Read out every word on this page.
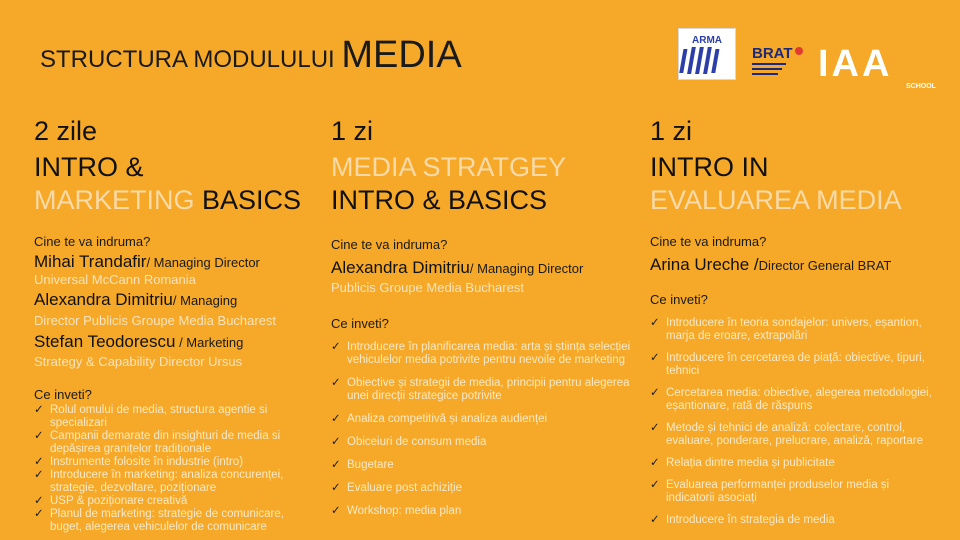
STRUCTURA MODULULUI MEDIA	ARMA
BRAT IAA
SCHOOL
2 zile
INTRO &
MARKETING BASICS
Cine te va indruma?
Mihai Trandafir/ Managing Director
Universal McCann Romania
Alexandra Dimitriu/ Managing
Director Publicis Groupe Media Bucharest
Stefan Teodorescu / Marketing
Strategy & Capability Director Ursus
Ce inveti?
✓ Rolul omului de media, structura agentie si specializari
✓ Campanii demarate din insighturi de media si depășirea granițelor tradiționale
✓ Instrumente folosite în industrie (intro)
✓ Introducere în marketing: analiza concurenței, strategie, dezvoltare, poziționare
✓ USP & poziționare creativă
✓ Planul de marketing: strategie de comunicare, buget, alegerea vehiculelor de comunicare
1 zi
MEDIA STRATGEY
INTRO & BASICS
Cine te va indruma?
Alexandra Dimitriu/ Managing Director
Publicis Groupe Media Bucharest
Ce inveti?
✓ Introducere în planificarea media: arta și știința selecției vehiculelor media potrivite pentru nevoile de marketing
✓ Obiective și strategii de media, principii pentru alegerea unei direcții strategice potrivite
✓ Analiza competitivă și analiza audienței
✓ Obiceiuri de consum media
✓ Bugetare
✓ Evaluare post achiziție
✓ Workshop: media plan
1 zi
INTRO IN
EVALUAREA MEDIA
Cine te va indruma?
Arina Ureche /Director General BRAT
Ce inveti?
✓ Introducere în teoria sondajelor: univers, eșantion, marja de eroare, extrapolări
✓ Introducere în cercetarea de piață: obiective, tipuri, tehnici
✓ Cercetarea media: obiective, alegerea metodologiei, eșantionare, rată de răspuns
✓ Metode și tehnici de analiză: colectare, control, evaluare, ponderare, prelucrare, analiză, raportare
✓ Relația dintre media și publicitate
✓ Evaluarea performanței produselor media și indicatorii asociați
✓ Introducere în strategia de media
